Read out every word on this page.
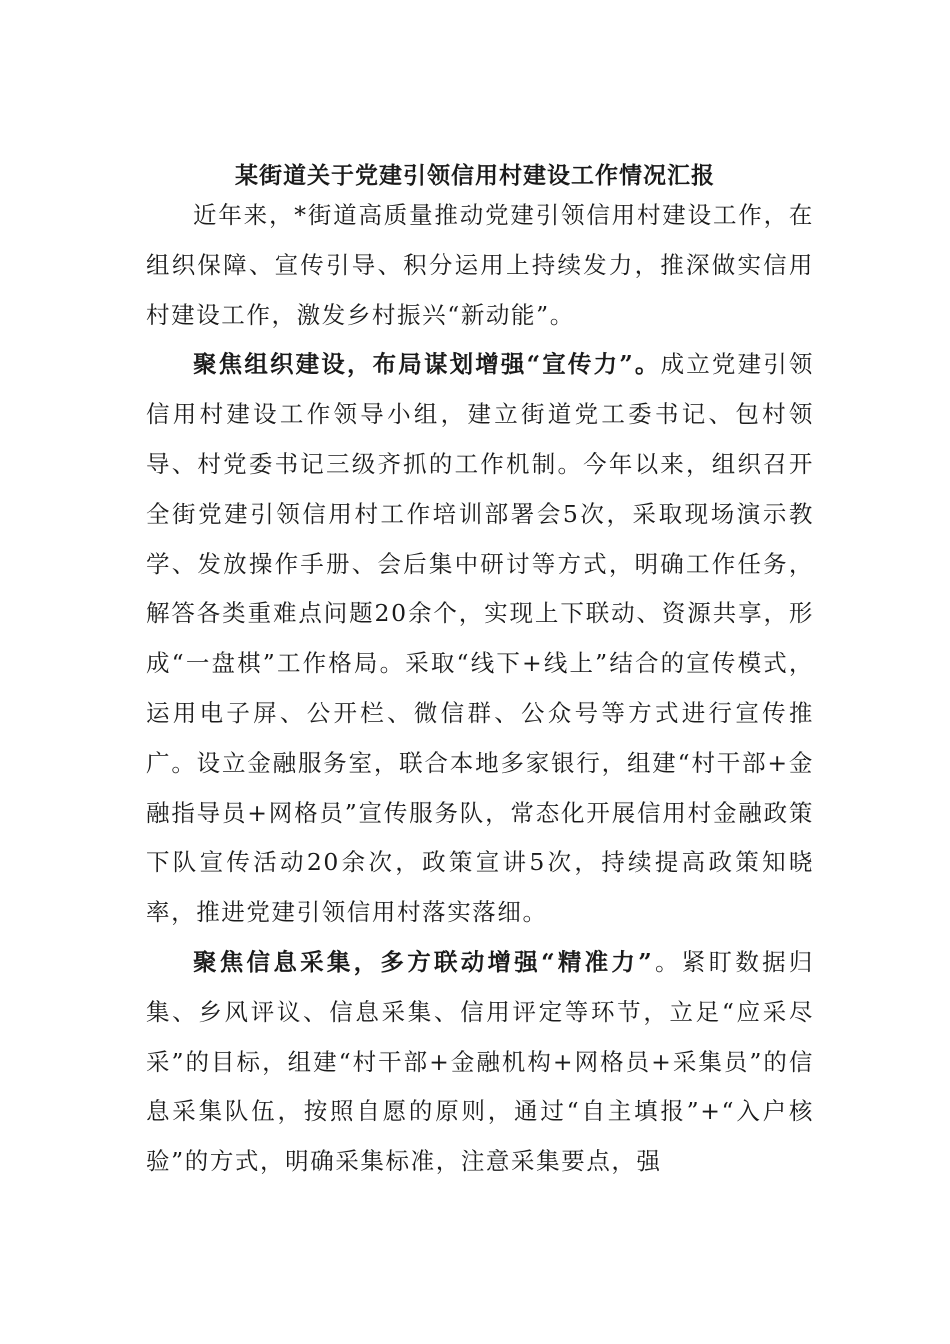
某街道关于党建引领信用村建设工作情况汇报

近年来，*街道高质量推动党建引领信用村建设工作，在组织保障、宣传引导、积分运用上持续发力，推深做实信用村建设工作，激发乡村振兴“新动能”。

聚焦组织建设，布局谋划增强“宣传力”。成立党建引领信用村建设工作领导小组，建立街道党工委书记、包村领导、村党委书记三级齐抓的工作机制。今年以来，组织召开全街党建引领信用村工作培训部署会5次，采取现场演示教学、发放操作手册、会后集中研讨等方式，明确工作任务，解答各类重难点问题20余个，实现上下联动、资源共享，形成“一盘棋”工作格局。采取“线下+线上”结合的宣传模式，运用电子屏、公开栏、微信群、公众号等方式进行宣传推广。设立金融服务室，联合本地多家银行，组建“村干部+金融指导员+网格员”宣传服务队，常态化开展信用村金融政策下队宣传活动20余次，政策宣讲5次，持续提高政策知晓率，推进党建引领信用村落实落细。

聚焦信息采集，多方联动增强“精准力”。紧盯数据归集、乡风评议、信息采集、信用评定等环节，立足“应采尽采”的目标，组建“村干部+金融机构+网格员+采集员”的信息采集队伍，按照自愿的原则，通过“自主填报”+“入户核验”的方式，明确采集标准，注意采集要点，强
